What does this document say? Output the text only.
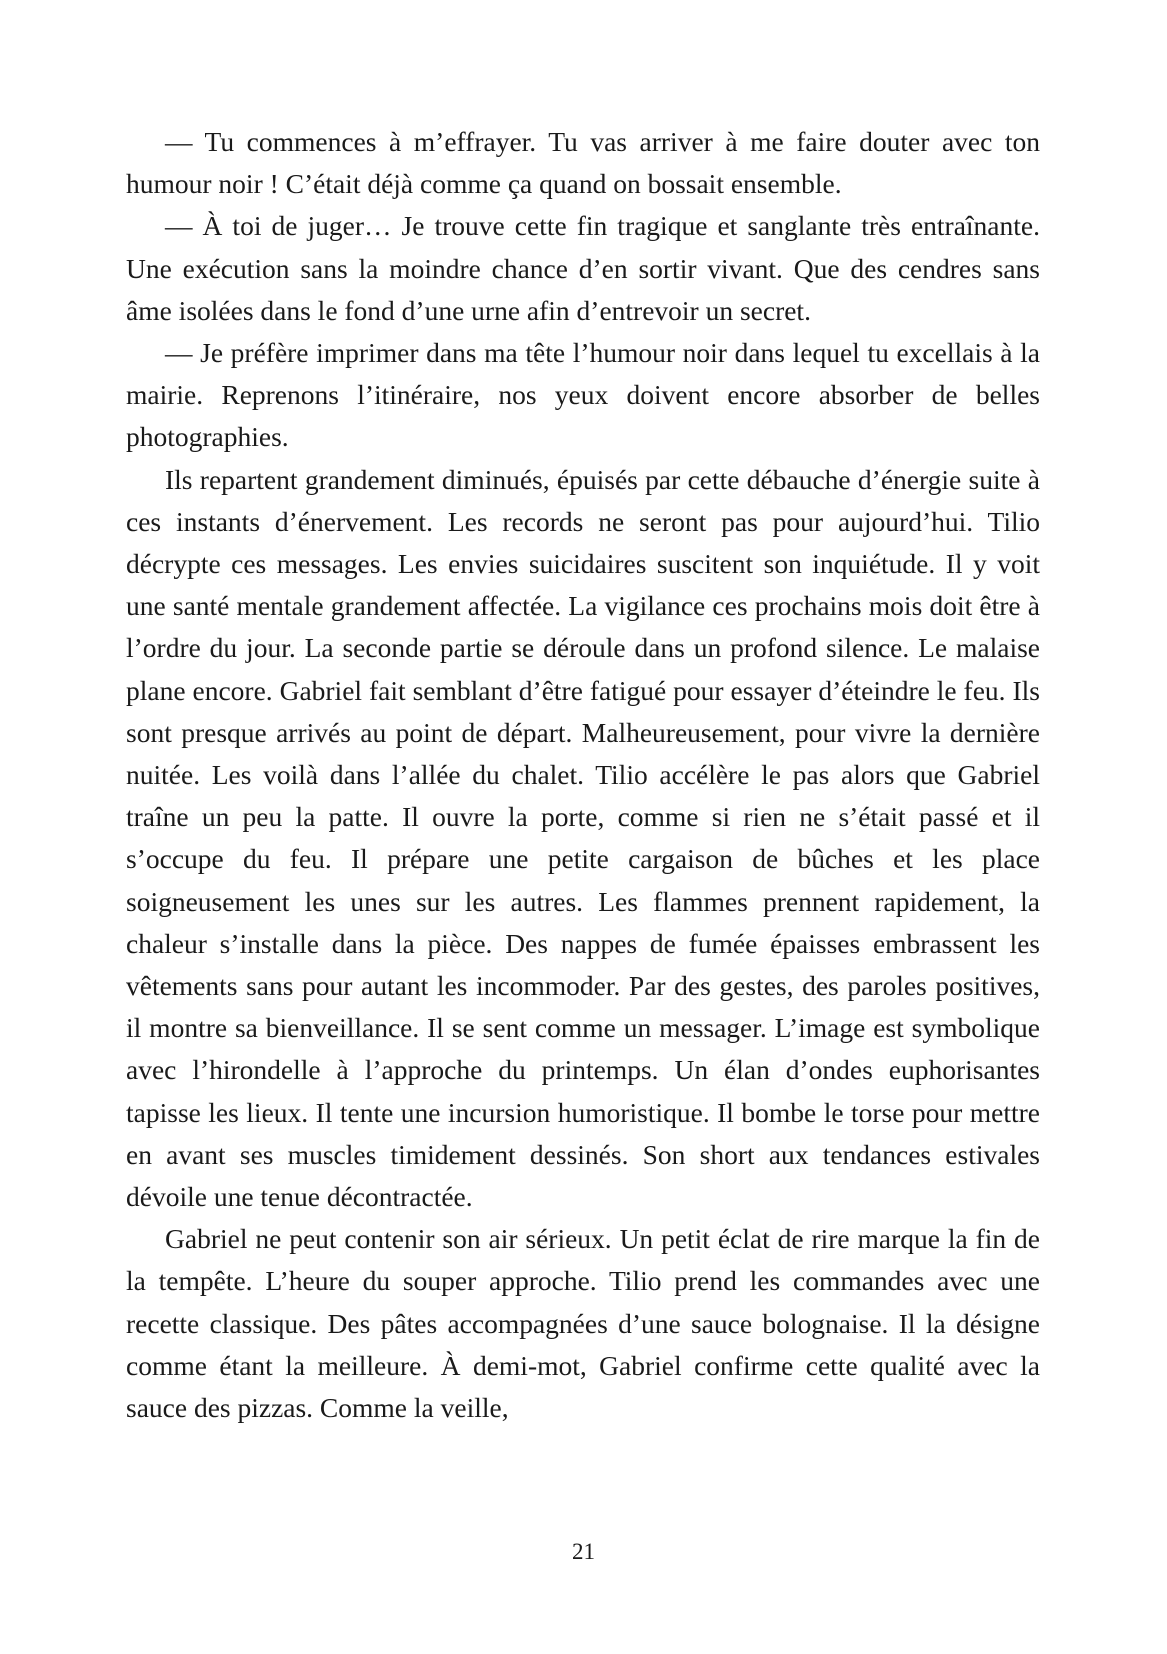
— Tu commences à m’effrayer. Tu vas arriver à me faire douter avec ton humour noir ! C’était déjà comme ça quand on bossait ensemble.

— À toi de juger… Je trouve cette fin tragique et sanglante très entraînante. Une exécution sans la moindre chance d’en sortir vivant. Que des cendres sans âme isolées dans le fond d’une urne afin d’entrevoir un secret.

— Je préfère imprimer dans ma tête l’humour noir dans lequel tu excellais à la mairie. Reprenons l’itinéraire, nos yeux doivent encore absorber de belles photographies.

Ils repartent grandement diminués, épuisés par cette débauche d’énergie suite à ces instants d’énervement. Les records ne seront pas pour aujourd’hui. Tilio décrypte ces messages. Les envies suicidaires suscitent son inquiétude. Il y voit une santé mentale grandement affectée. La vigilance ces prochains mois doit être à l’ordre du jour. La seconde partie se déroule dans un profond silence. Le malaise plane encore. Gabriel fait semblant d’être fatigué pour essayer d’éteindre le feu. Ils sont presque arrivés au point de départ. Malheureusement, pour vivre la dernière nuitée. Les voilà dans l’allée du chalet. Tilio accélère le pas alors que Gabriel traîne un peu la patte. Il ouvre la porte, comme si rien ne s’était passé et il s’occupe du feu. Il prépare une petite cargaison de bûches et les place soigneusement les unes sur les autres. Les flammes prennent rapidement, la chaleur s’installe dans la pièce. Des nappes de fumée épaisses embrassent les vêtements sans pour autant les incommoder. Par des gestes, des paroles positives, il montre sa bienveillance. Il se sent comme un messager. L’image est symbolique avec l’hirondelle à l’approche du printemps. Un élan d’ondes euphorisantes tapisse les lieux. Il tente une incursion humoristique. Il bombe le torse pour mettre en avant ses muscles timidement dessinés. Son short aux tendances estivales dévoile une tenue décontractée.

Gabriel ne peut contenir son air sérieux. Un petit éclat de rire marque la fin de la tempête. L’heure du souper approche. Tilio prend les commandes avec une recette classique. Des pâtes accompagnées d’une sauce bolognaise. Il la désigne comme étant la meilleure. À demi-mot, Gabriel confirme cette qualité avec la sauce des pizzas. Comme la veille,

21
